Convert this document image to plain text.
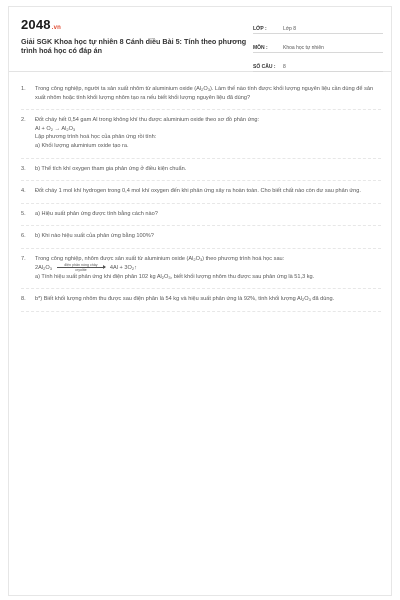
2048.vn
Giải SGK Khoa học tự nhiên 8 Cánh diều Bài 5: Tính theo phương trình hoá học có đáp án
LỚP :	Lớp 8
MÔN :	Khoa học tự nhiên
SỐ CÂU :	8
1. Trong công nghiệp, người ta sản xuất nhôm từ aluminium oxide $(Al_2O_3)$. Làm thế nào tính được khối lượng nguyên liệu cần dùng để sản xuất nhôm hoặc tính khối lượng nhôm tạo ra nếu biết khối lượng nguyên liệu đã dùng?
2. Đốt cháy hết 0,54 gam Al trong không khí thu được aluminium oxide theo sơ đồ phản ứng:
$Al + O_2 \to Al_2O_3$
Lập phương trình hoá học của phản ứng rồi tính:
a) Khối lượng aluminium oxide tạo ra.
3. b) Thể tích khí oxygen tham gia phản ứng ở điều kiện chuẩn.
4. Đốt cháy 1 mol khí hydrogen trong 0,4 mol khí oxygen đến khi phản ứng xảy ra hoàn toàn. Cho biết chất nào còn dư sau phản ứng.
5. a) Hiệu suất phản ứng được tính bằng cách nào?
6. b) Khi nào hiệu suất của phản ứng bằng 100%?
7. Trong công nghiệp, nhôm được sản xuất từ aluminium oxide $(Al_2O_3)$ theo phương trình hoá học sau:
$2Al_2O_3$
điện phân nóng chảy
cryolite	$4Al + 3O_2↑$
a) Tính hiệu suất phản ứng khi điện phân 102 kg $Al_2O_3$, biết khối lượng nhôm thu được sau phản ứng là 51,3 kg.
8. b*) Biết khối lượng nhôm thu được sau điện phân là 54 kg và hiệu suất phản ứng là 92%, tính khối lượng $Al_2O_3$ đã dùng.
